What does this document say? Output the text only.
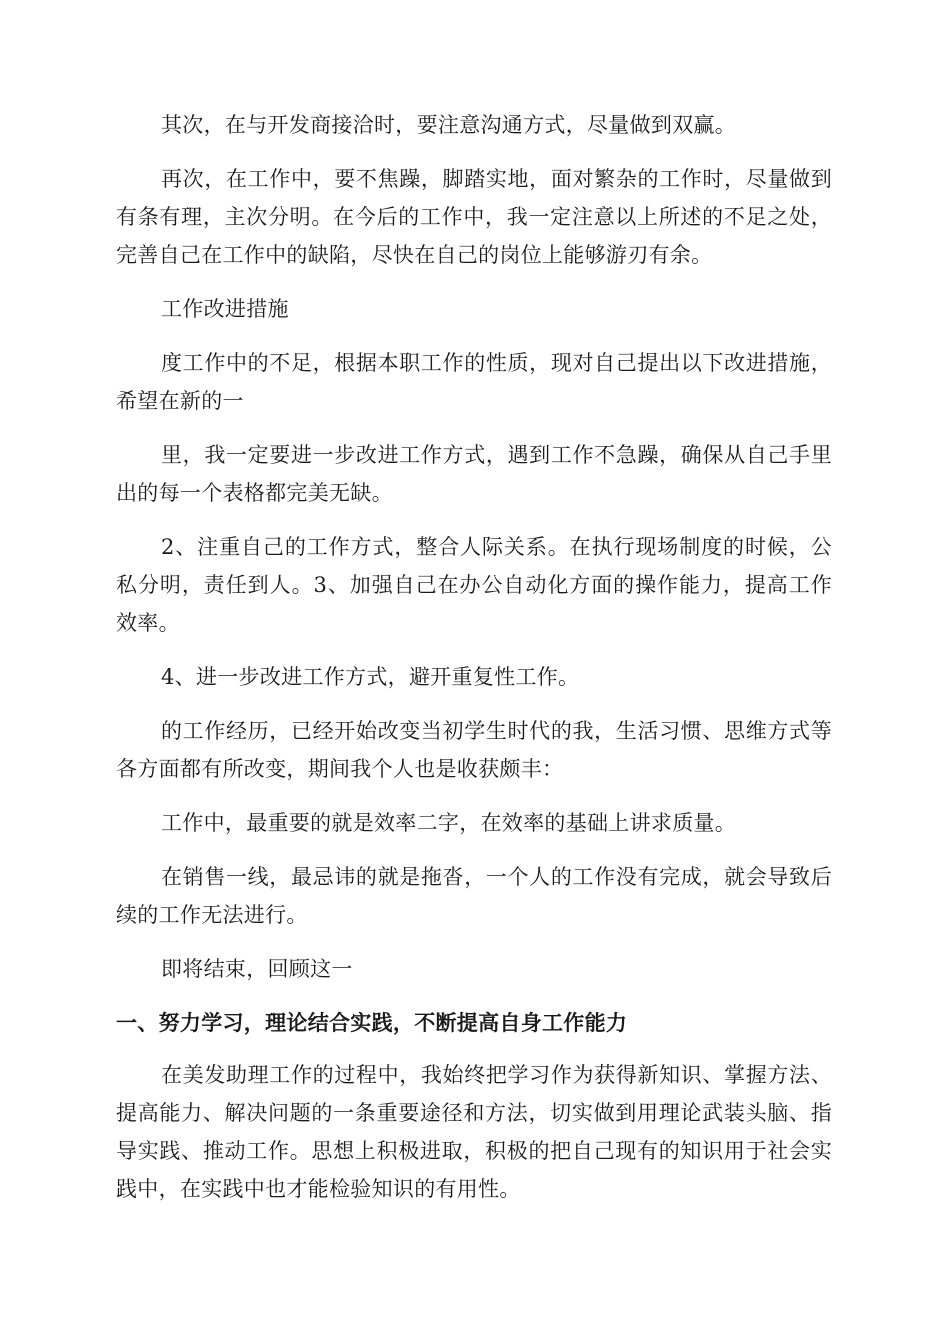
其次，在与开发商接洽时，要注意沟通方式，尽量做到双赢。

再次，在工作中，要不焦躁，脚踏实地，面对繁杂的工作时，尽量做到有条有理，主次分明。在今后的工作中，我一定注意以上所述的不足之处，完善自己在工作中的缺陷，尽快在自己的岗位上能够游刃有余。

工作改进措施

度工作中的不足，根据本职工作的性质，现对自己提出以下改进措施，希望在新的一

里，我一定要进一步改进工作方式，遇到工作不急躁，确保从自己手里出的每一个表格都完美无缺。

2、注重自己的工作方式，整合人际关系。在执行现场制度的时候，公私分明，责任到人。3、加强自己在办公自动化方面的操作能力，提高工作效率。

4、进一步改进工作方式，避开重复性工作。

的工作经历，已经开始改变当初学生时代的我，生活习惯、思维方式等各方面都有所改变，期间我个人也是收获颇丰：

工作中，最重要的就是效率二字，在效率的基础上讲求质量。

在销售一线，最忌讳的就是拖沓，一个人的工作没有完成，就会导致后续的工作无法进行。

即将结束，回顾这一

一、努力学习，理论结合实践，不断提高自身工作能力

在美发助理工作的过程中，我始终把学习作为获得新知识、掌握方法、提高能力、解决问题的一条重要途径和方法，切实做到用理论武装头脑、指导实践、推动工作。思想上积极进取，积极的把自己现有的知识用于社会实践中，在实践中也才能检验知识的有用性。
